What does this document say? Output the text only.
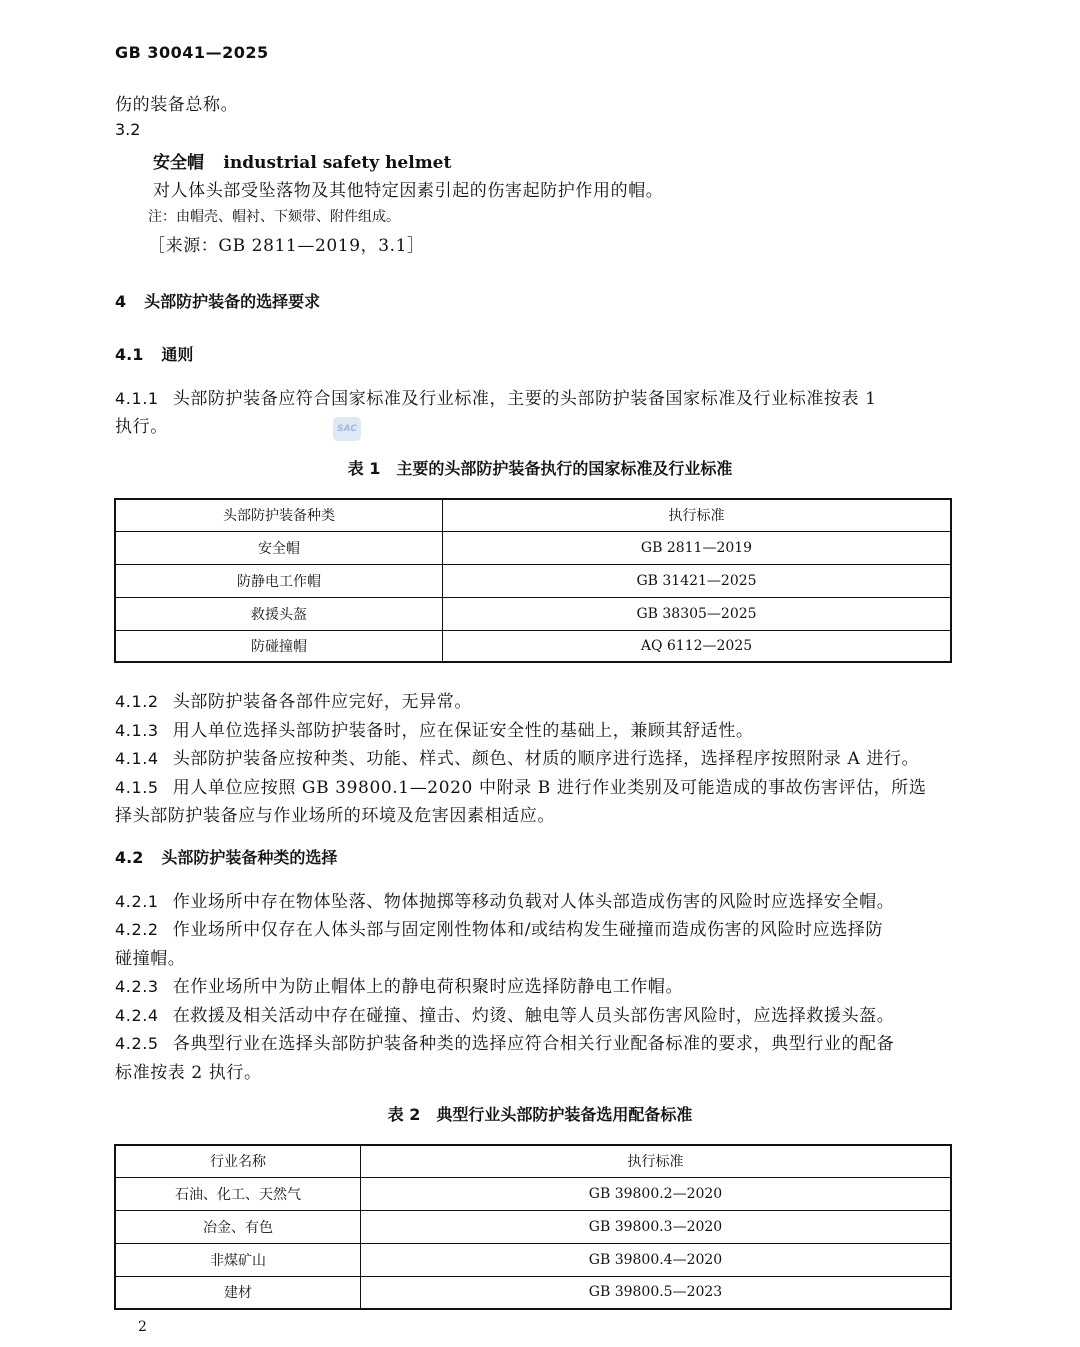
GB 30041—2025
伤的装备总称。
3.2
安全帽 industrial safety helmet
对人体头部受坠落物及其他特定因素引起的伤害起防护作用的帽。
注：由帽壳、帽衬、下颏带、附件组成。
［来源：GB 2811—2019，3.1］
4 头部防护装备的选择要求
4.1 通则
4.1.1 头部防护装备应符合国家标准及行业标准，主要的头部防护装备国家标准及行业标准按表 1
执行。	SAC
表 1　主要的头部防护装备执行的国家标准及行业标准
头部防护装备种类	执行标准
安全帽	GB 2811—2019
防静电工作帽	GB 31421—2025
救援头盔	GB 38305—2025
防碰撞帽	AQ 6112—2025
4.1.2 头部防护装备各部件应完好，无异常。
4.1.3 用人单位选择头部防护装备时，应在保证安全性的基础上，兼顾其舒适性。
4.1.4 头部防护装备应按种类、功能、样式、颜色、材质的顺序进行选择，选择程序按照附录 A 进行。
4.1.5 用人单位应按照 GB 39800.1—2020 中附录 B 进行作业类别及可能造成的事故伤害评估，所选
择头部防护装备应与作业场所的环境及危害因素相适应。
4.2 头部防护装备种类的选择
4.2.1 作业场所中存在物体坠落、物体抛掷等移动负载对人体头部造成伤害的风险时应选择安全帽。
4.2.2 作业场所中仅存在人体头部与固定刚性物体和/或结构发生碰撞而造成伤害的风险时应选择防
碰撞帽。
4.2.3 在作业场所中为防止帽体上的静电荷积聚时应选择防静电工作帽。
4.2.4 在救援及相关活动中存在碰撞、撞击、灼烫、触电等人员头部伤害风险时，应选择救援头盔。
4.2.5 各典型行业在选择头部防护装备种类的选择应符合相关行业配备标准的要求，典型行业的配备
标准按表 2 执行。
表 2　典型行业头部防护装备选用配备标准
行业名称	执行标准
石油、化工、天然气	GB 39800.2—2020
冶金、有色	GB 39800.3—2020
非煤矿山	GB 39800.4—2020
建材	GB 39800.5—2023
2
